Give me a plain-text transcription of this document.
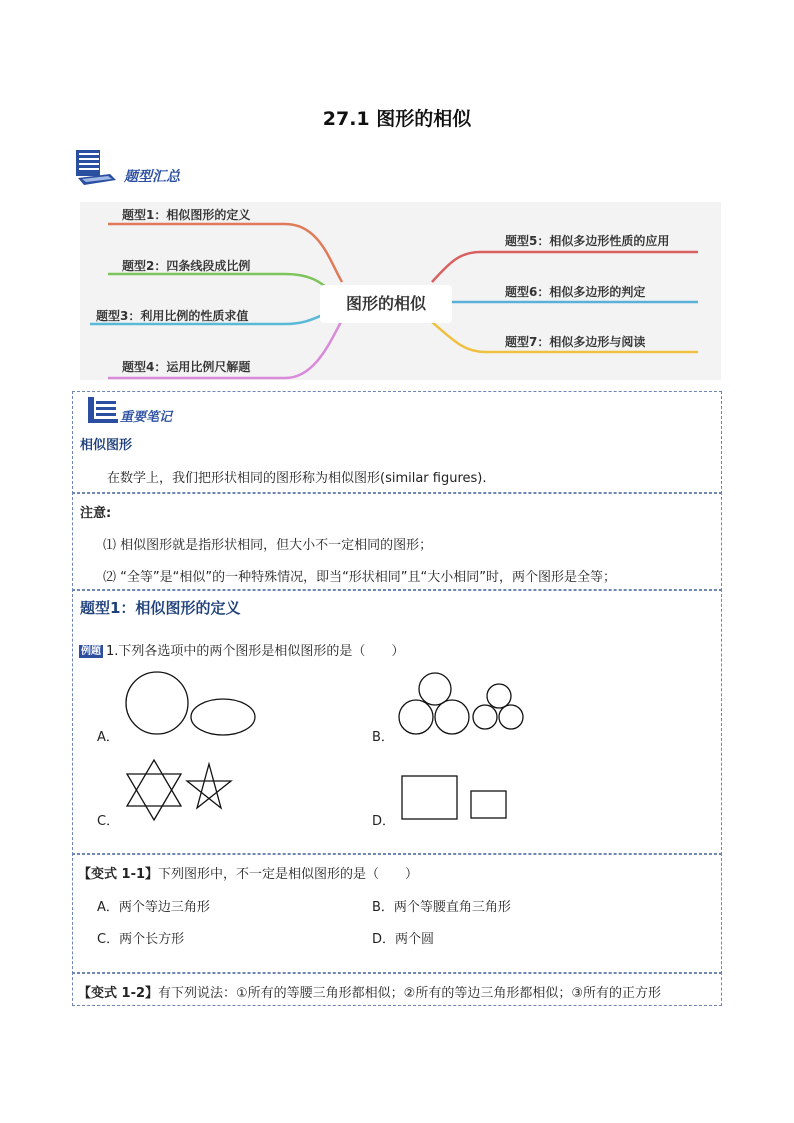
27.1 图形的相似
题型汇总
图形的相似
题型1：相似图形的定义
题型2：四条线段成比例
题型3：利用比例的性质求值
题型4：运用比例尺解题
题型5：相似多边形性质的应用
题型6：相似多边形的判定
题型7：相似多边形与阅读
重要笔记
相似图形
在数学上，我们把形状相同的图形称为相似图形(similar figures).
注意:
⑴ 相似图形就是指形状相同，但大小不一定相同的图形；
⑵ “全等”是“相似”的一种特殊情况，即当“形状相同”且“大小相同”时，两个图形是全等；
题型1：相似图形的定义
例题 1.下列各选项中的两个图形是相似图形的是（　　）
A．	B．
C．	D．
【变式 1-1】下列图形中，不一定是相似图形的是（　　）
A．两个等边三角形	B．两个等腰直角三角形
C．两个长方形	D．两个圆
【变式 1-2】有下列说法：①所有的等腰三角形都相似；②所有的等边三角形都相似；③所有的正方形
